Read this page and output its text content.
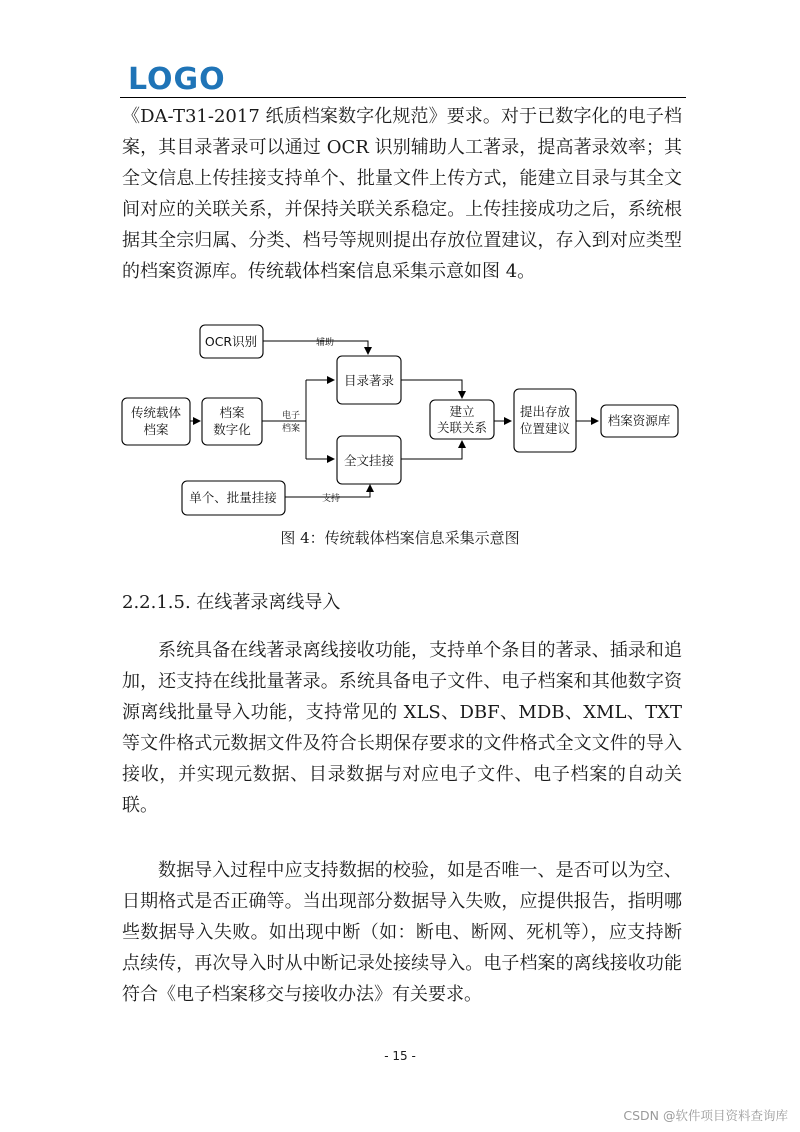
LOGO

《DA-T31-2017 纸质档案数字化规范》要求。对于已数字化的电子档案，其目录著录可以通过 OCR 识别辅助人工著录，提高著录效率；其全文信息上传挂接支持单个、批量文件上传方式，能建立目录与其全文间对应的关联关系，并保持关联关系稳定。上传挂接成功之后，系统根据其全宗归属、分类、档号等规则提出存放位置建议，存入到对应类型的档案资源库。传统载体档案信息采集示意如图 4。

辅助
支持
电子
档案
OCR识别
传统载体
档案
档案
数字化
目录著录
全文挂接
建立
关联关系
提出存放
位置建议
档案资源库
单个、批量挂接

图 4：传统载体档案信息采集示意图

2.2.1.5. 在线著录离线导入

系统具备在线著录离线接收功能，支持单个条目的著录、插录和追加，还支持在线批量著录。系统具备电子文件、电子档案和其他数字资源离线批量导入功能，支持常见的 XLS、DBF、MDB、XML、TXT 等文件格式元数据文件及符合长期保存要求的文件格式全文文件的导入接收，并实现元数据、目录数据与对应电子文件、电子档案的自动关联。

数据导入过程中应支持数据的校验，如是否唯一、是否可以为空、日期格式是否正确等。当出现部分数据导入失败，应提供报告，指明哪些数据导入失败。如出现中断（如：断电、断网、死机等），应支持断点续传，再次导入时从中断记录处接续导入。电子档案的离线接收功能符合《电子档案移交与接收办法》有关要求。

- 15 -
CSDN @软件项目资料查询库
